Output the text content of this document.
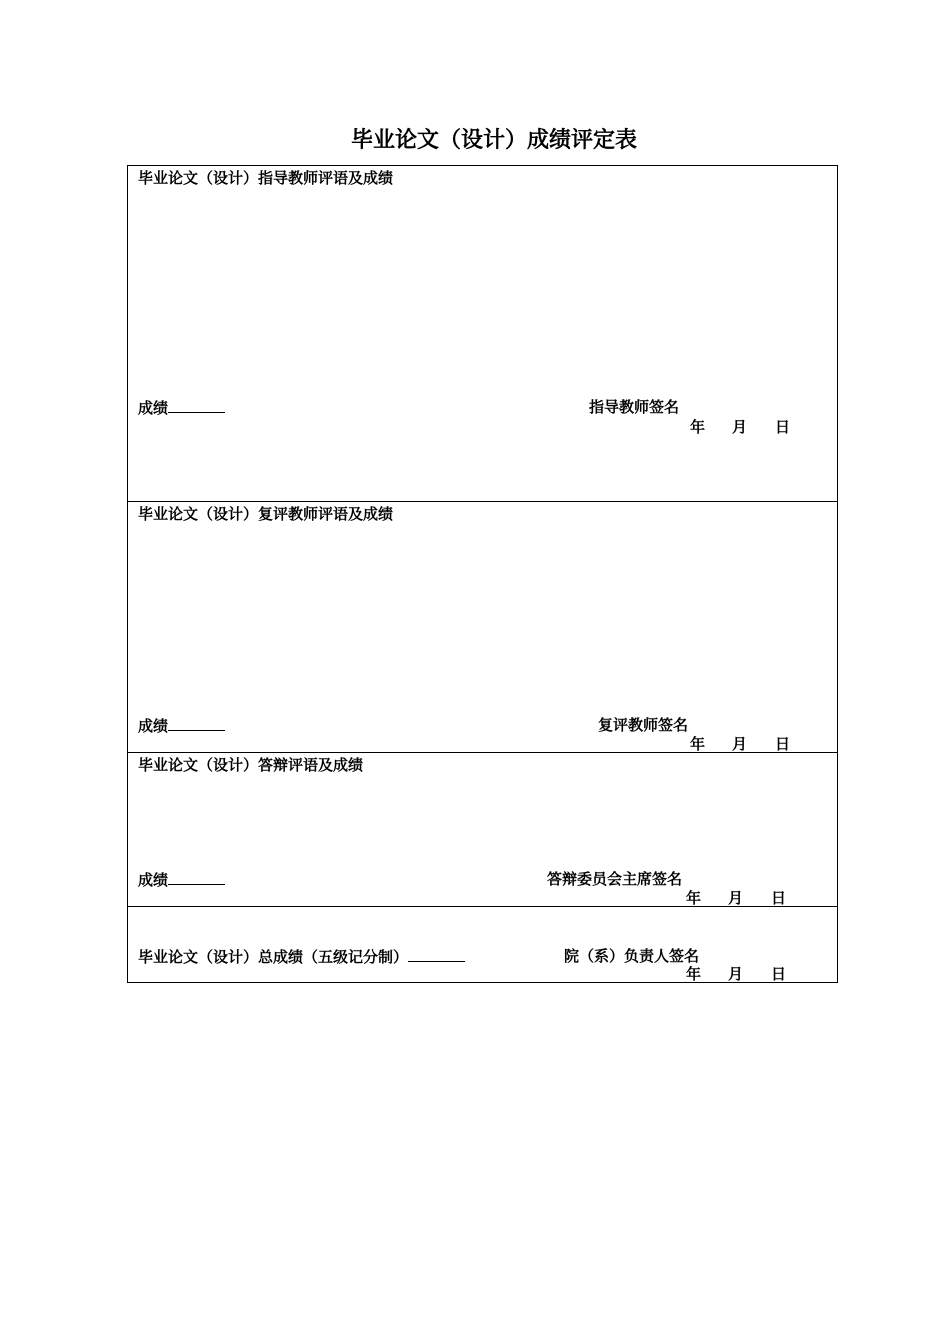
毕业论文（设计）成绩评定表
毕业论文（设计）指导教师评语及成绩
成绩	指导教师签名
年 月 日
毕业论文（设计）复评教师评语及成绩
成绩	复评教师签名
年 月 日
毕业论文（设计）答辩评语及成绩
成绩	答辩委员会主席签名
年 月 日
毕业论文（设计）总成绩（五级记分制）	院（系）负责人签名
年 月 日
